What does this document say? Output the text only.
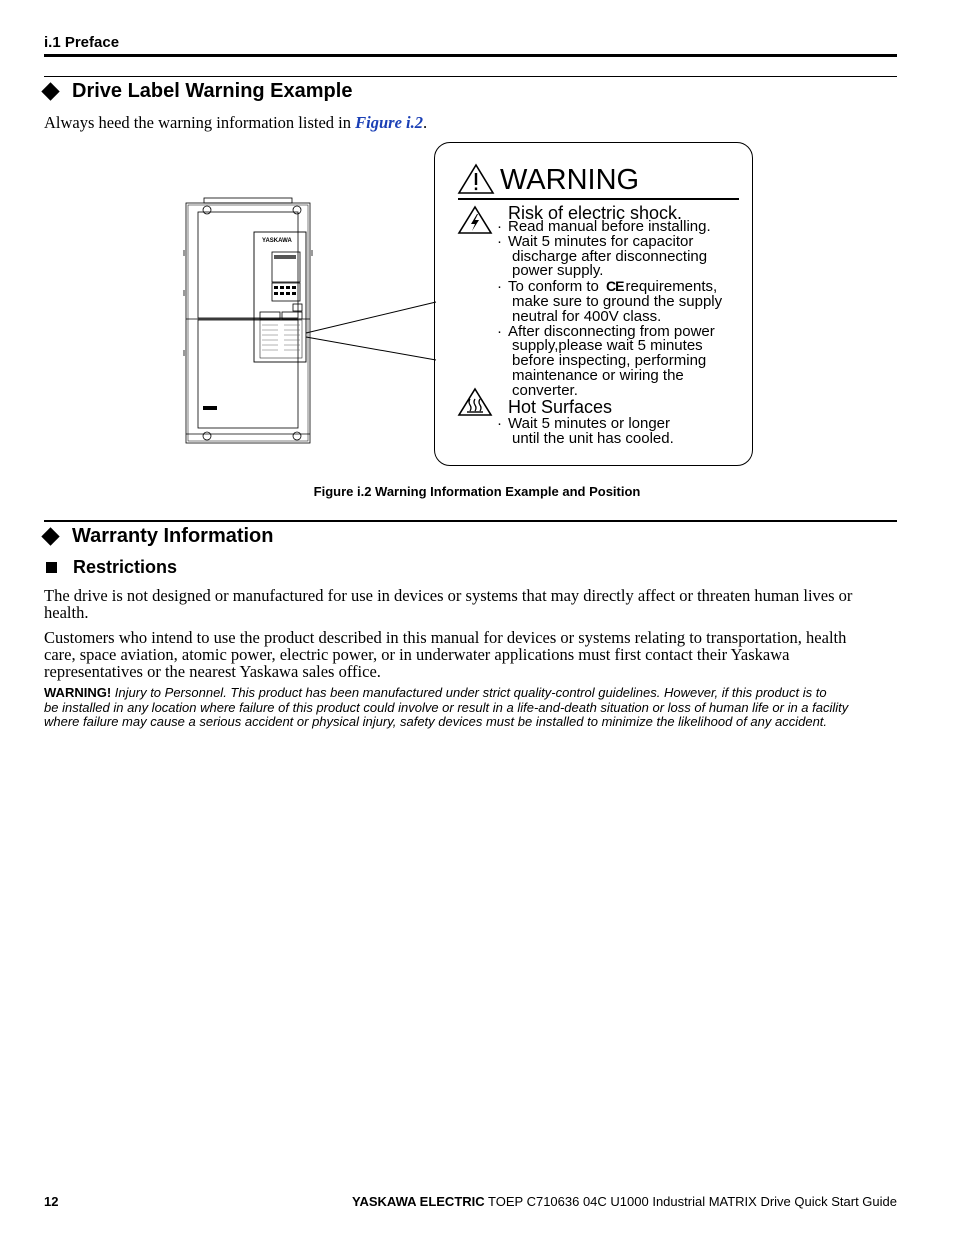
i.1 Preface
Drive Label Warning Example
Always heed the warning information listed in Figure i.2.
YASKAWA
WARNING
Risk of electric shock.
· Read manual before installing.
· Wait 5 minutes for capacitor
discharge after disconnecting
power supply.
· To conform to CE requirements,
make sure to ground the supply
neutral for 400V class.
· After disconnecting from power
supply,please wait 5 minutes
before inspecting, performing
maintenance or wiring the
converter.
Hot Surfaces
· Wait 5 minutes or longer
until the unit has cooled.
Figure i.2 Warning Information Example and Position
Warranty Information
Restrictions
The drive is not designed or manufactured for use in devices or systems that may directly affect or threaten human lives or
health.
Customers who intend to use the product described in this manual for devices or systems relating to transportation, health
care, space aviation, atomic power, electric power, or in underwater applications must first contact their Yaskawa
representatives or the nearest Yaskawa sales office.
WARNING! Injury to Personnel. This product has been manufactured under strict quality-control guidelines. However, if this product is to
be installed in any location where failure of this product could involve or result in a life-and-death situation or loss of human life or in a facility
where failure may cause a serious accident or physical injury, safety devices must be installed to minimize the likelihood of any accident.
12	YASKAWA ELECTRIC TOEP C710636 04C U1000 Industrial MATRIX Drive Quick Start Guide
